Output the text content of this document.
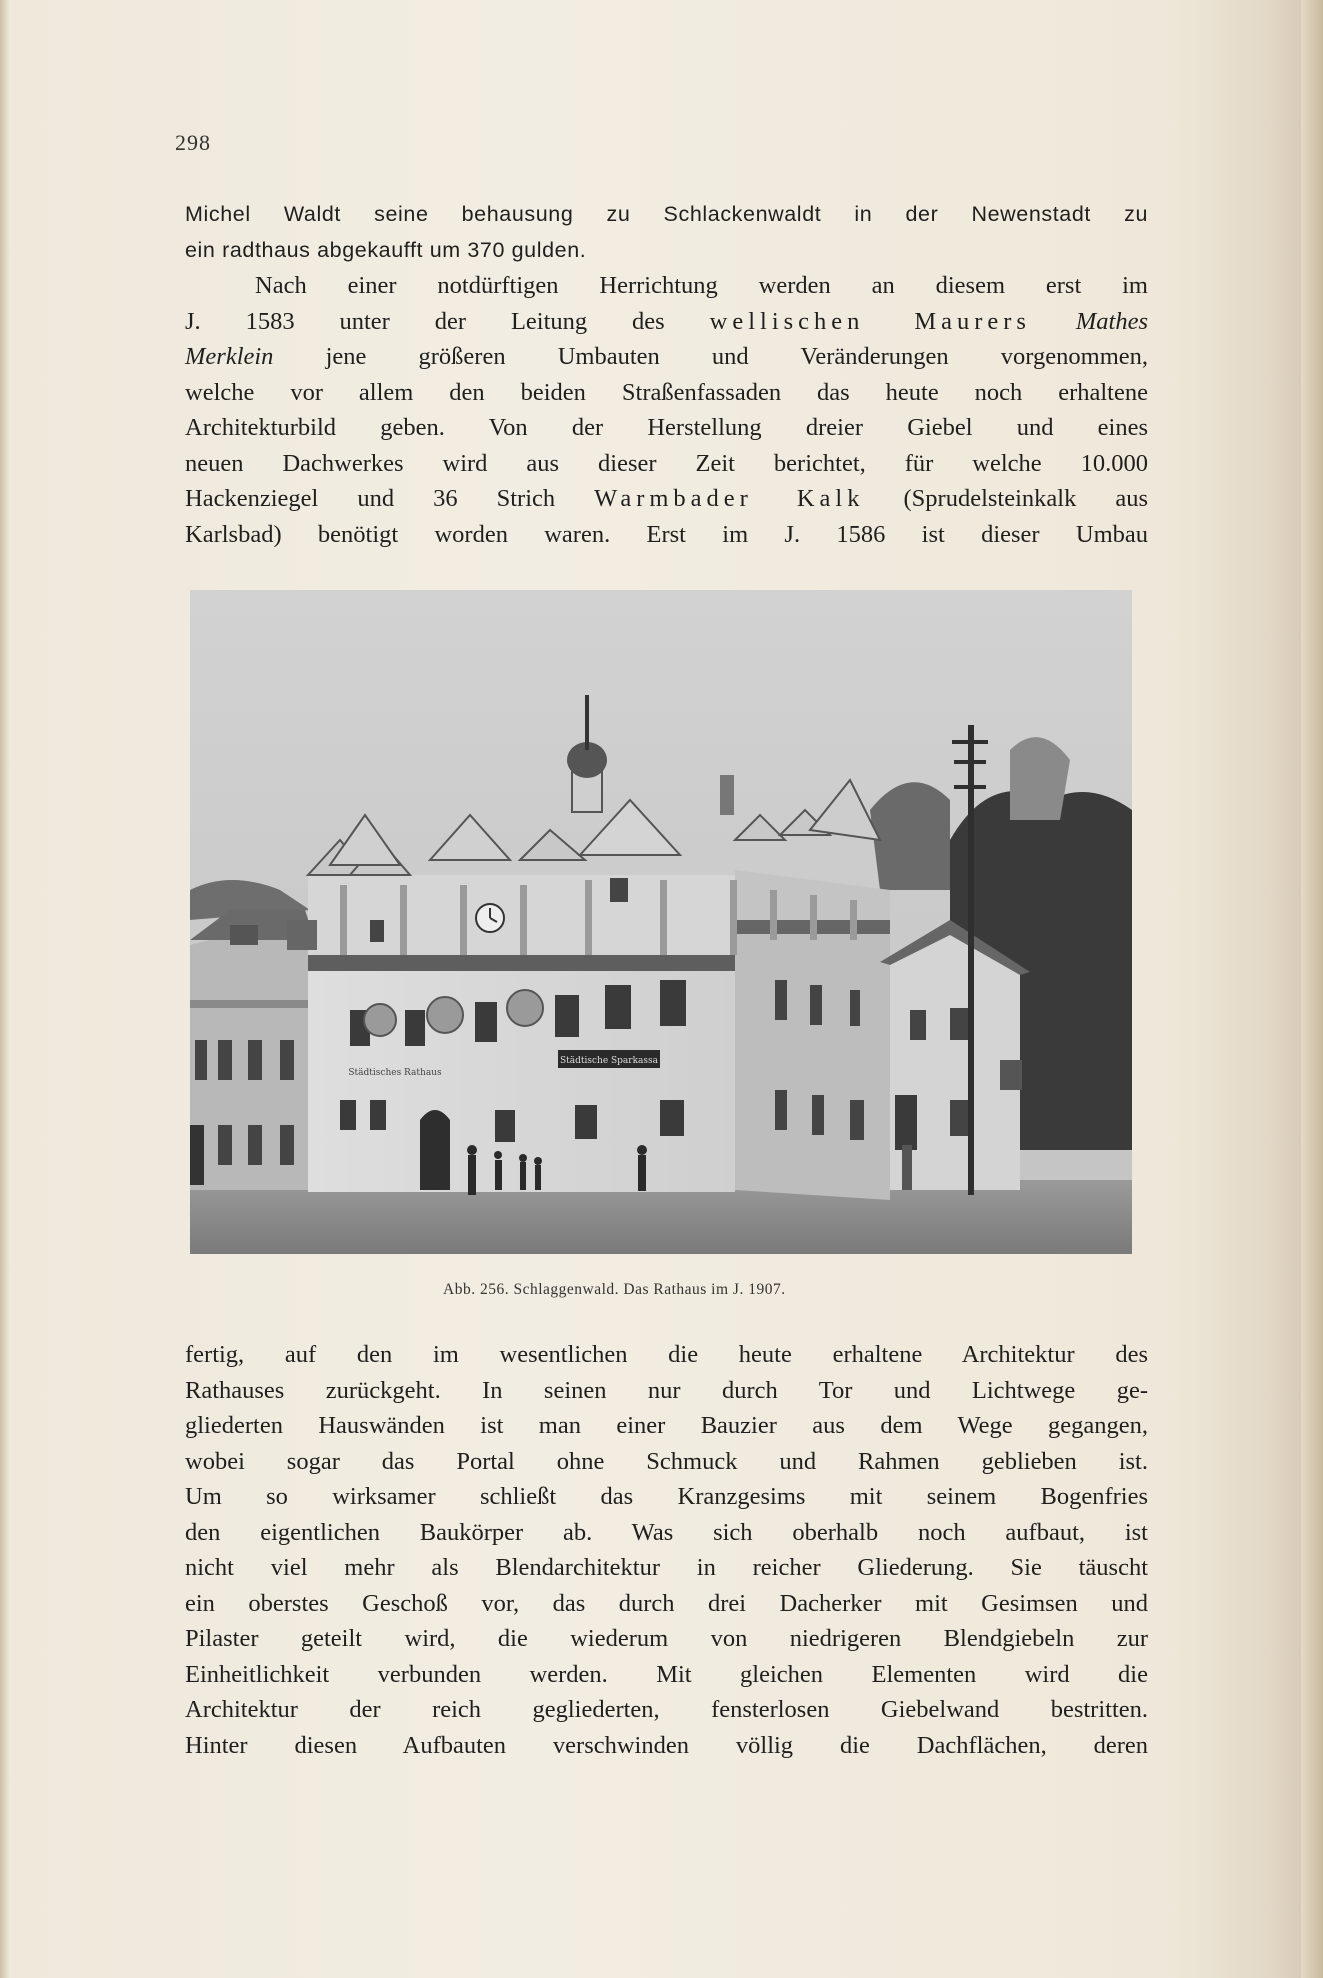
298
Michel Waldt seine behausung zu Schlackenwaldt in der Newenstadt zu
ein radthaus abgekaufft um 370 gulden.
Nach einer notdürftigen Herrichtung werden an diesem erst im
J. 1583 unter der Leitung des wellischen Maurers Mathes
Merklein jene größeren Umbauten und Veränderungen vorgenommen,
welche vor allem den beiden Straßenfassaden das heute noch erhaltene
Architekturbild geben. Von der Herstellung dreier Giebel und eines
neuen Dachwerkes wird aus dieser Zeit berichtet, für welche 10.000
Hackenziegel und 36 Strich Warmbader Kalk (Sprudelsteinkalk aus
Karlsbad) benötigt worden waren. Erst im J. 1586 ist dieser Umbau
Städtische Sparkassa
Städtisches Rathaus
Abb. 256. Schlaggenwald. Das Rathaus im J. 1907.
fertig, auf den im wesentlichen die heute erhaltene Architektur des
Rathauses zurückgeht. In seinen nur durch Tor und Lichtwege ge-
gliederten Hauswänden ist man einer Bauzier aus dem Wege gegangen,
wobei sogar das Portal ohne Schmuck und Rahmen geblieben ist.
Um so wirksamer schließt das Kranzgesims mit seinem Bogenfries
den eigentlichen Baukörper ab. Was sich oberhalb noch aufbaut, ist
nicht viel mehr als Blendarchitektur in reicher Gliederung. Sie täuscht
ein oberstes Geschoß vor, das durch drei Dacherker mit Gesimsen und
Pilaster geteilt wird, die wiederum von niedrigeren Blendgiebeln zur
Einheitlichkeit verbunden werden. Mit gleichen Elementen wird die
Architektur der reich gegliederten, fensterlosen Giebelwand bestritten.
Hinter diesen Aufbauten verschwinden völlig die Dachflächen, deren
